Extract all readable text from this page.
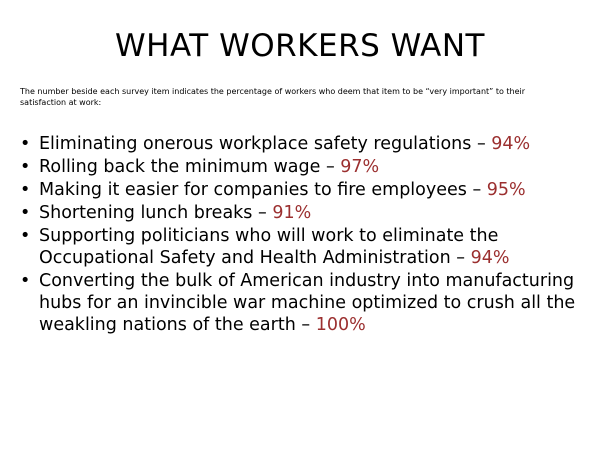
WHAT WORKERS WANT
The number beside each survey item indicates the percentage of workers who deem that item to be “very important” to their satisfaction at work:
• Eliminating onerous workplace safety regulations – 94%
• Rolling back the minimum wage – 97%
• Making it easier for companies to fire employees – 95%
• Shortening lunch breaks – 91%
• Supporting politicians who will work to eliminate the Occupational Safety and Health Administration – 94%
• Converting the bulk of American industry into manufacturing hubs for an invincible war machine optimized to crush all the weakling nations of the earth – 100%
